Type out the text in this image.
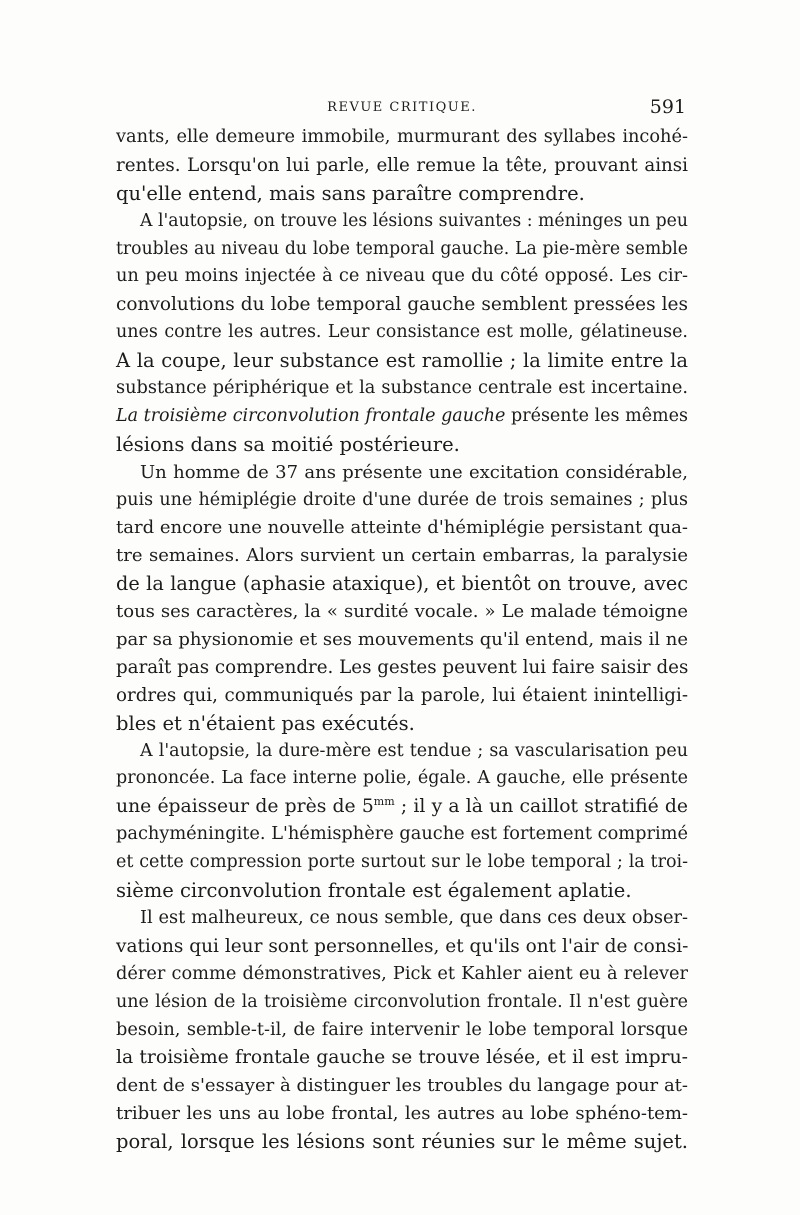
REVUE CRITIQUE.	591
vants, elle demeure immobile, murmurant des syllabes incohé-
rentes. Lorsqu'on lui parle, elle remue la tête, prouvant ainsi
qu'elle entend, mais sans paraître comprendre.
A l'autopsie, on trouve les lésions suivantes : méninges un peu
troubles au niveau du lobe temporal gauche. La pie-mère semble
un peu moins injectée à ce niveau que du côté opposé. Les cir-
convolutions du lobe temporal gauche semblent pressées les
unes contre les autres. Leur consistance est molle, gélatineuse.
A la coupe, leur substance est ramollie ; la limite entre la
substance périphérique et la substance centrale est incertaine.
La troisième circonvolution frontale gauche présente les mêmes
lésions dans sa moitié postérieure.
Un homme de 37 ans présente une excitation considérable,
puis une hémiplégie droite d'une durée de trois semaines ; plus
tard encore une nouvelle atteinte d'hémiplégie persistant qua-
tre semaines. Alors survient un certain embarras, la paralysie
de la langue (aphasie ataxique), et bientôt on trouve, avec
tous ses caractères, la « surdité vocale. » Le malade témoigne
par sa physionomie et ses mouvements qu'il entend, mais il ne
paraît pas comprendre. Les gestes peuvent lui faire saisir des
ordres qui, communiqués par la parole, lui étaient inintelligi-
bles et n'étaient pas exécutés.
A l'autopsie, la dure-mère est tendue ; sa vascularisation peu
prononcée. La face interne polie, égale. A gauche, elle présente
une épaisseur de près de $5^{mm}$ ; il y a là un caillot stratifié de
pachyméningite. L'hémisphère gauche est fortement comprimé
et cette compression porte surtout sur le lobe temporal ; la troi-
sième circonvolution frontale est également aplatie.
Il est malheureux, ce nous semble, que dans ces deux obser-
vations qui leur sont personnelles, et qu'ils ont l'air de consi-
dérer comme démonstratives, Pick et Kahler aient eu à relever
une lésion de la troisième circonvolution frontale. Il n'est guère
besoin, semble-t-il, de faire intervenir le lobe temporal lorsque
la troisième frontale gauche se trouve lésée, et il est impru-
dent de s'essayer à distinguer les troubles du langage pour at-
tribuer les uns au lobe frontal, les autres au lobe sphéno-tem-
poral, lorsque les lésions sont réunies sur le même sujet.
